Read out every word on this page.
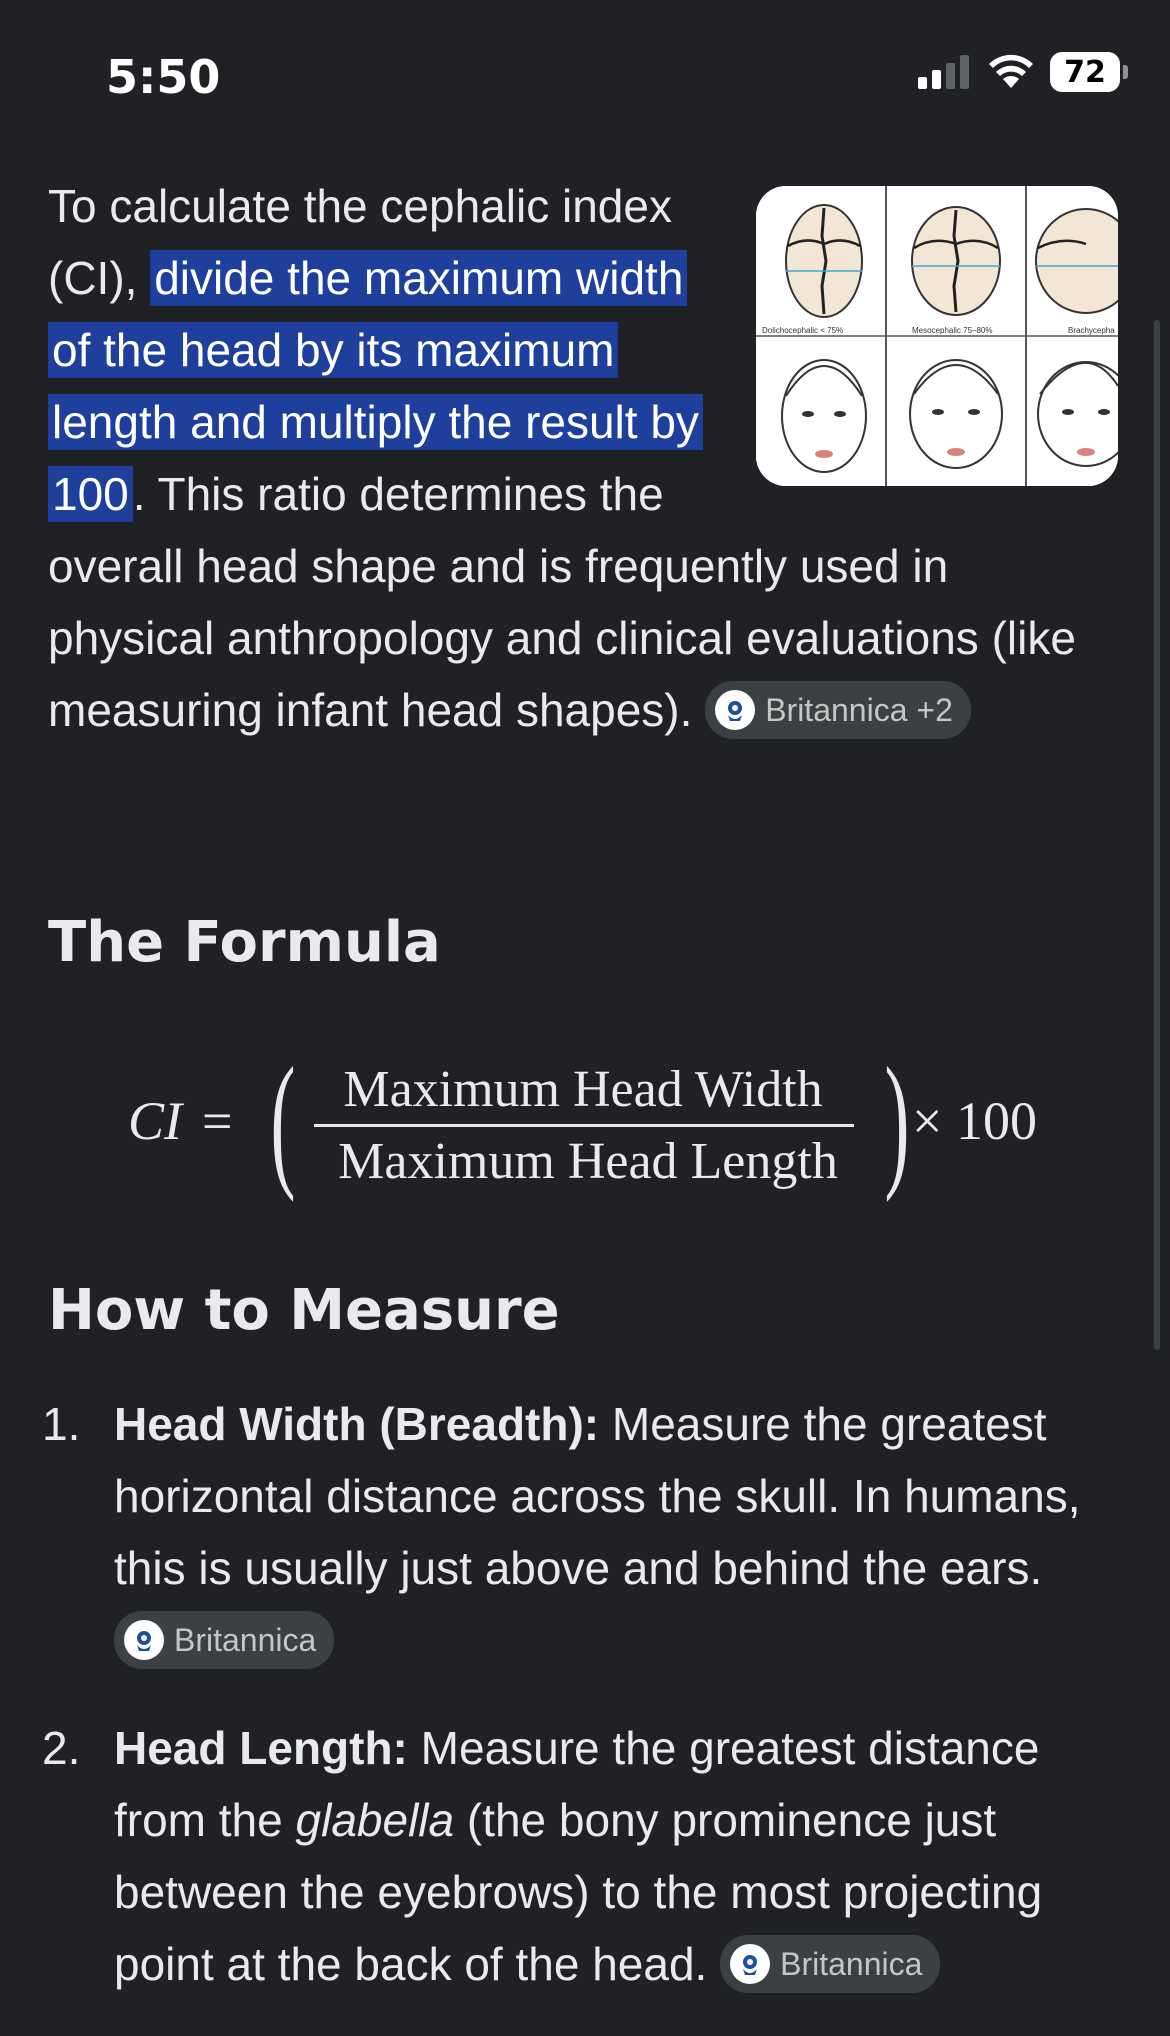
5:50	72
Dolichocephalic < 75%	Mesocephalic 75–80%	Brachycepha

To calculate the cephalic index (CI), divide the maximum width of the head by its maximum length and multiply the result by 100. This ratio determines the overall head shape and is frequently used in physical anthropology and clinical evaluations (like measuring infant head shapes). Britannica +2

The Formula
CI = ( Maximum Head Width
Maximum Head Length ) × 100
How to Measure
1. Head Width (Breadth): Measure the greatest horizontal distance across the skull. In humans, this is usually just above and behind the ears.
Britannica
2. Head Length: Measure the greatest distance from the glabella (the bony prominence just between the eyebrows) to the most projecting point at the back of the head. Britannica
